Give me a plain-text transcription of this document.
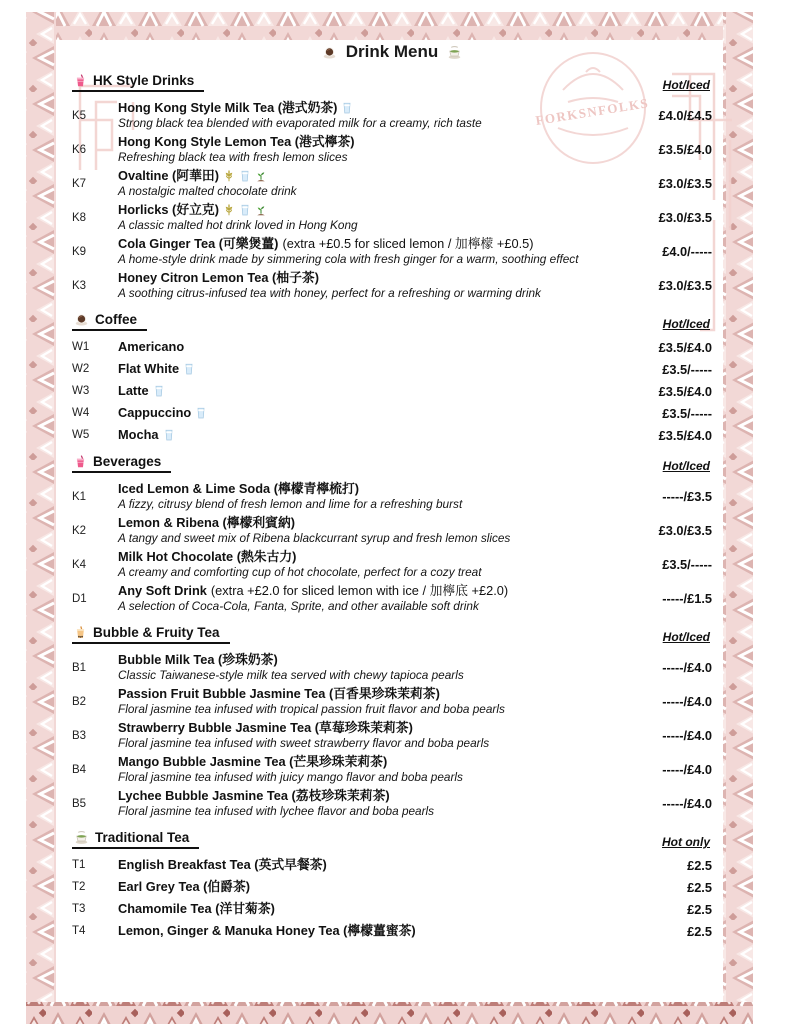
FORKSNFOLKS
Drink Menu
HK Style Drinks	Hot/Iced
K5
Hong Kong Style Milk Tea (港式奶茶)
Strong black tea blended with evaporated milk for a creamy, rich taste	£4.0/£4.5
K6
Hong Kong Style Lemon Tea (港式檸茶)
Refreshing black tea with fresh lemon slices	£3.5/£4.0
K7
Ovaltine (阿華田)
A nostalgic malted chocolate drink	£3.0/£3.5
K8
Horlicks (好立克)
A classic malted hot drink loved in Hong Kong	£3.0/£3.5
K9
Cola Ginger Tea (可樂煲薑) (extra +£0.5 for sliced lemon / 加檸檬 +£0.5)
A home-style drink made by simmering cola with fresh ginger for a warm, soothing effect	£4.0/-----
K3
Honey Citron Lemon Tea (柚子茶)
A soothing citrus-infused tea with honey, perfect for a refreshing or warming drink	£3.0/£3.5
Coffee	Hot/Iced
W1	Americano	£3.5/£4.0
W2	Flat White	£3.5/-----
W3	Latte	£3.5/£4.0
W4	Cappuccino	£3.5/-----
W5	Mocha	£3.5/£4.0
Beverages	Hot/Iced
K1
Iced Lemon & Lime Soda (檸檬青檸梳打)
A fizzy, citrusy blend of fresh lemon and lime for a refreshing burst	-----/£3.5
K2
Lemon & Ribena (檸檬利賓納)
A tangy and sweet mix of Ribena blackcurrant syrup and fresh lemon slices	£3.0/£3.5
K4
Milk Hot Chocolate (熱朱古力)
A creamy and comforting cup of hot chocolate, perfect for a cozy treat	£3.5/-----
D1
Any Soft Drink (extra +£2.0 for sliced lemon with ice / 加檸底 +£2.0)
A selection of Coca-Cola, Fanta, Sprite, and other available soft drink	-----/£1.5
Bubble & Fruity Tea	Hot/Iced
B1
Bubble Milk Tea (珍珠奶茶)
Classic Taiwanese-style milk tea served with chewy tapioca pearls	-----/£4.0
B2
Passion Fruit Bubble Jasmine Tea (百香果珍珠茉莉茶)
Floral jasmine tea infused with tropical passion fruit flavor and boba pearls	-----/£4.0
B3
Strawberry Bubble Jasmine Tea (草莓珍珠茉莉茶)
Floral jasmine tea infused with sweet strawberry flavor and boba pearls	-----/£4.0
B4
Mango Bubble Jasmine Tea (芒果珍珠茉莉茶)
Floral jasmine tea infused with juicy mango flavor and boba pearls	-----/£4.0
B5
Lychee Bubble Jasmine Tea (荔枝珍珠茉莉茶)
Floral jasmine tea infused with lychee flavor and boba pearls	-----/£4.0
Traditional Tea	Hot only
T1	English Breakfast Tea (英式早餐茶)	£2.5
T2	Earl Grey Tea (伯爵茶)	£2.5
T3	Chamomile Tea (洋甘菊茶)	£2.5
T4	Lemon, Ginger & Manuka Honey Tea (檸檬薑蜜茶)	£2.5
